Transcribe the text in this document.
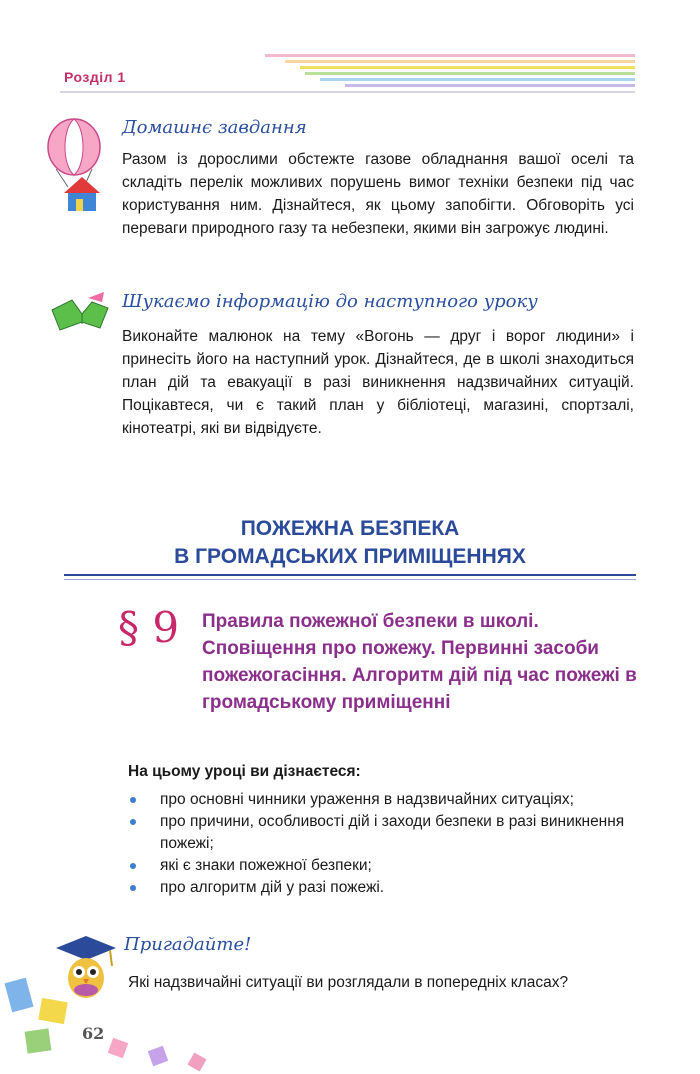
Розділ 1
Домашнє завдання
Разом із дорослими обстежте газове обладнання вашої оселі та складіть перелік можливих порушень вимог техніки безпеки під час користування ним. Дізнайтеся, як цьому запобігти. Обговоріть усі переваги природного газу та небезпеки, якими він загрожує людині.
Шукаємо інформацію до наступного уроку
Виконайте малюнок на тему «Вогонь — друг і ворог людини» і принесіть його на наступний урок. Дізнайтеся, де в школі знаходиться план дій та евакуації в разі виникнення надзвичайних ситуацій. Поцікавтеся, чи є такий план у бібліотеці, магазині, спортзалі, кінотеатрі, які ви відвідуєте.
ПОЖЕЖНА БЕЗПЕКА
В ГРОМАДСЬКИХ ПРИМІЩЕННЯХ
§ 9 Правила пожежної безпеки в школі. Сповіщення про пожежу. Первинні засоби пожежогасіння. Алгоритм дій під час пожежі в громадському приміщенні
На цьому уроці ви дізнаєтеся:
про основні чинники ураження в надзвичайних ситуаціях;
про причини, особливості дій і заходи безпеки в разі виникнення пожежі;
які є знаки пожежної безпеки;
про алгоритм дій у разі пожежі.
Пригадайте!
Які надзвичайні ситуації ви розглядали в попередніх класах?
62
